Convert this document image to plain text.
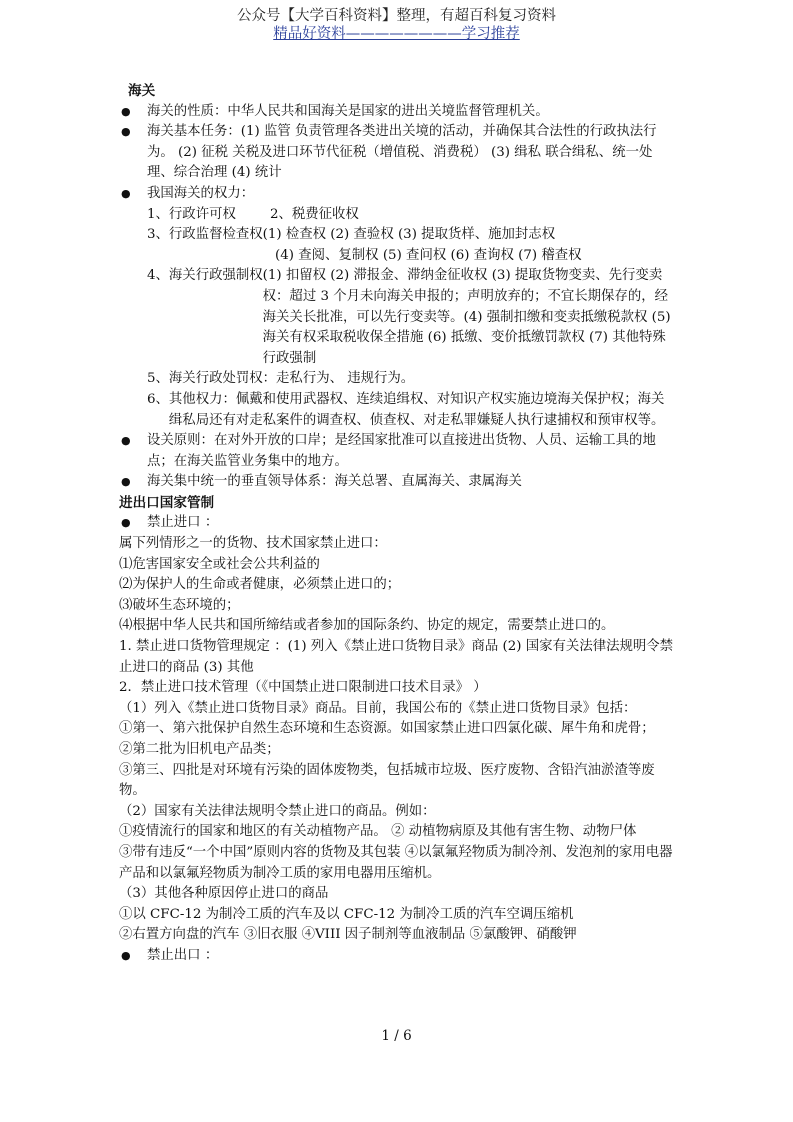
公众号【大学百科资料】整理，有超百科复习资料
精品好资料————————学习推荐
海关
● 海关的性质：中华人民共和国海关是国家的进出关境监督管理机关。
● 海关基本任务：(1) 监管 负责管理各类进出关境的活动，并确保其合法性的行政执法行为。 (2) 征税 关税及进口环节代征税（增值税、消费税） (3) 缉私 联合缉私、统一处理、综合治理 (4) 统计
● 我国海关的权力：
1、行政许可权	2、税费征收权
3、行政监督检查权 (1) 检查权 (2) 查验权 (3) 提取货样、施加封志权
(4) 查阅、复制权 (5) 查问权 (6) 查询权 (7) 稽查权
4、海关行政强制权 (1) 扣留权 (2) 滞报金、滞纳金征收权 (3) 提取货物变卖、先行变卖权：超过 3 个月未向海关申报的；声明放弃的；不宜长期保存的，经海关关长批准，可以先行变卖等。(4) 强制扣缴和变卖抵缴税款权 (5) 海关有权采取税收保全措施 (6) 抵缴、变价抵缴罚款权 (7) 其他特殊行政强制
5、海关行政处罚权：走私行为、 违规行为。
6、 其他权力：佩戴和使用武器权、连续追缉权、对知识产权实施边境海关保护权；海关缉私局还有对走私案件的调查权、侦查权、对走私罪嫌疑人执行逮捕权和预审权等。
● 设关原则：在对外开放的口岸；是经国家批准可以直接进出货物、人员、运输工具的地点；在海关监管业务集中的地方。
● 海关集中统一的垂直领导体系：海关总署、直属海关、隶属海关
进出口国家管制
● 禁止进口 ：
属下列情形之一的货物、技术国家禁止进口：
⑴危害国家安全或社会公共利益的
⑵为保护人的生命或者健康，必须禁止进口的；
⑶破坏生态环境的；
⑷根据中华人民共和国所缔结或者参加的国际条约、协定的规定，需要禁止进口的。
1. 禁止进口货物管理规定 ：(1) 列入《禁止进口货物目录》商品 (2) 国家有关法律法规明令禁止进口的商品 (3) 其他
2．禁止进口技术管理（《中国禁止进口限制进口技术目录》 ）
（1）列入《禁止进口货物目录》商品。目前，我国公布的《禁止进口货物目录》包括：
①第一、第六批保护自然生态环境和生态资源。如国家禁止进口四氯化碳、犀牛角和虎骨；
②第二批为旧机电产品类；
③第三、四批是对环境有污染的固体废物类，包括城市垃圾、医疗废物、含铅汽油淤渣等废物。
（2）国家有关法律法规明令禁止进口的商品。例如：
①疫情流行的国家和地区的有关动植物产品。 ② 动植物病原及其他有害生物、动物尸体
③带有违反“一个中国”原则内容的货物及其包装 ④以氯氟羟物质为制冷剂、发泡剂的家用电器产品和以氯氟羟物质为制冷工质的家用电器用压缩机。
（3）其他各种原因停止进口的商品
①以 CFC-12 为制冷工质的汽车及以 CFC-12 为制冷工质的汽车空调压缩机
②右置方向盘的汽车 ③旧衣服 ④VIII 因子制剂等血液制品 ⑤氯酸钾、硝酸钾
● 禁止出口 ：
1 / 6
